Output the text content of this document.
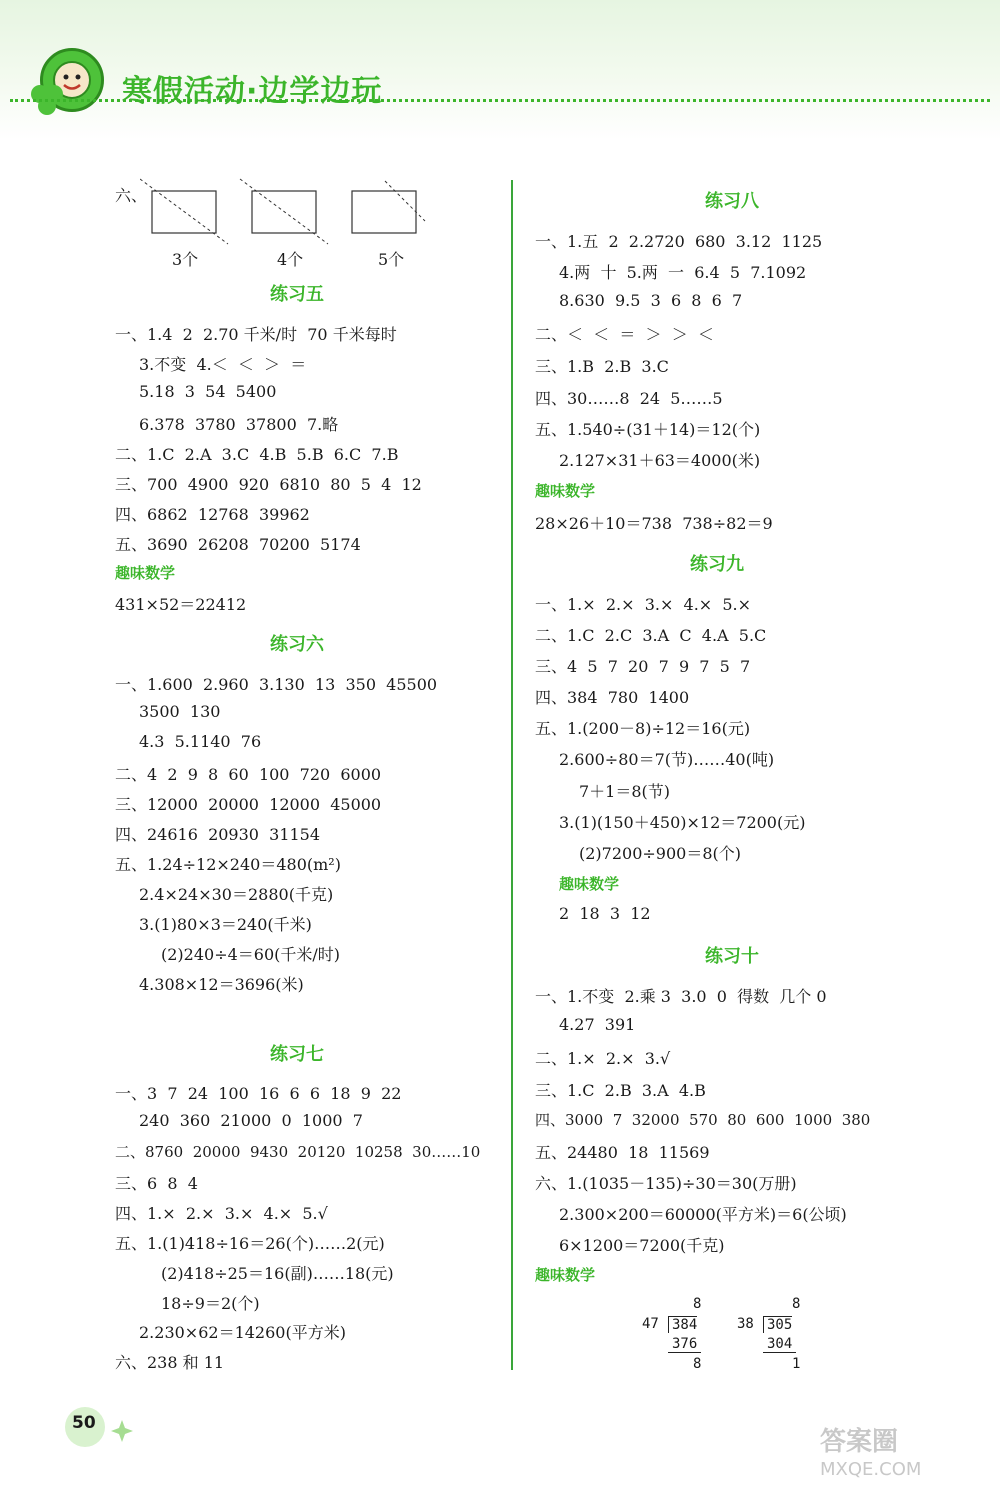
寒假活动·边学边玩
六、
3个	4个	5个
练习五
一、1.4  2  2.70 千米/时  70 千米每时
3.不变  4.＜  ＜  ＞  ＝
5.18  3  54  5400
6.378  3780  37800  7.略
二、1.C  2.A  3.C  4.B  5.B  6.C  7.B
三、700  4900  920  6810  80  5  4  12
四、6862  12768  39962
五、3690  26208  70200  5174
趣味数学
431×52＝22412
练习六
一、1.600  2.960  3.130  13  350  45500
3500  130
4.3  5.1140  76
二、4  2  9  8  60  100  720  6000
三、12000  20000  12000  45000
四、24616  20930  31154
五、1.24÷12×240＝480(m²)
2.4×24×30＝2880(千克)
3.(1)80×3＝240(千米)
(2)240÷4＝60(千米/时)
4.308×12＝3696(米)
练习七
一、3  7  24  100  16  6  6  18  9  22
240  360  21000  0  1000  7
二、8760  20000  9430  20120  10258  30……10
三、6  8  4
四、1.×  2.×  3.×  4.×  5.√
五、1.(1)418÷16＝26(个)……2(元)
(2)418÷25＝16(副)……18(元)
18÷9＝2(个)
2.230×62＝14260(平方米)
六、238 和 11
练习八
一、1.五  2  2.2720  680  3.12  1125
4.两  十  5.两  一  6.4  5  7.1092
8.630  9.5  3  6  8  6  7
二、＜  ＜  ＝  ＞  ＞  ＜
三、1.B  2.B  3.C
四、30……8  24  5……5
五、1.540÷(31＋14)＝12(个)
2.127×31＋63＝4000(米)
趣味数学
28×26＋10＝738  738÷82＝9
练习九
一、1.×  2.×  3.×  4.×  5.×
二、1.C  2.C  3.A  C  4.A  5.C
三、4  5  7  20  7  9  7  5  7
四、384  780  1400
五、1.(200－8)÷12＝16(元)
2.600÷80＝7(节)……40(吨)
7＋1＝8(节)
3.(1)(150＋450)×12＝7200(元)
(2)7200÷900＝8(个)
趣味数学
2  18  3  12
练习十
一、1.不变  2.乘 3  3.0  0  得数  几个 0
4.27  391
二、1.×  2.×  3.√
三、1.C  2.B  3.A  4.B
四、3000  7  32000  570  80  600  1000  380
五、24480  18  11569
六、1.(1035－135)÷30＝30(万册)
2.300×200＝60000(平方米)＝6(公顷)
6×1200＝7200(千克)
趣味数学
8
47 384
376
8
8
38 305
304
1
50
答案圈
MXQE.COM
